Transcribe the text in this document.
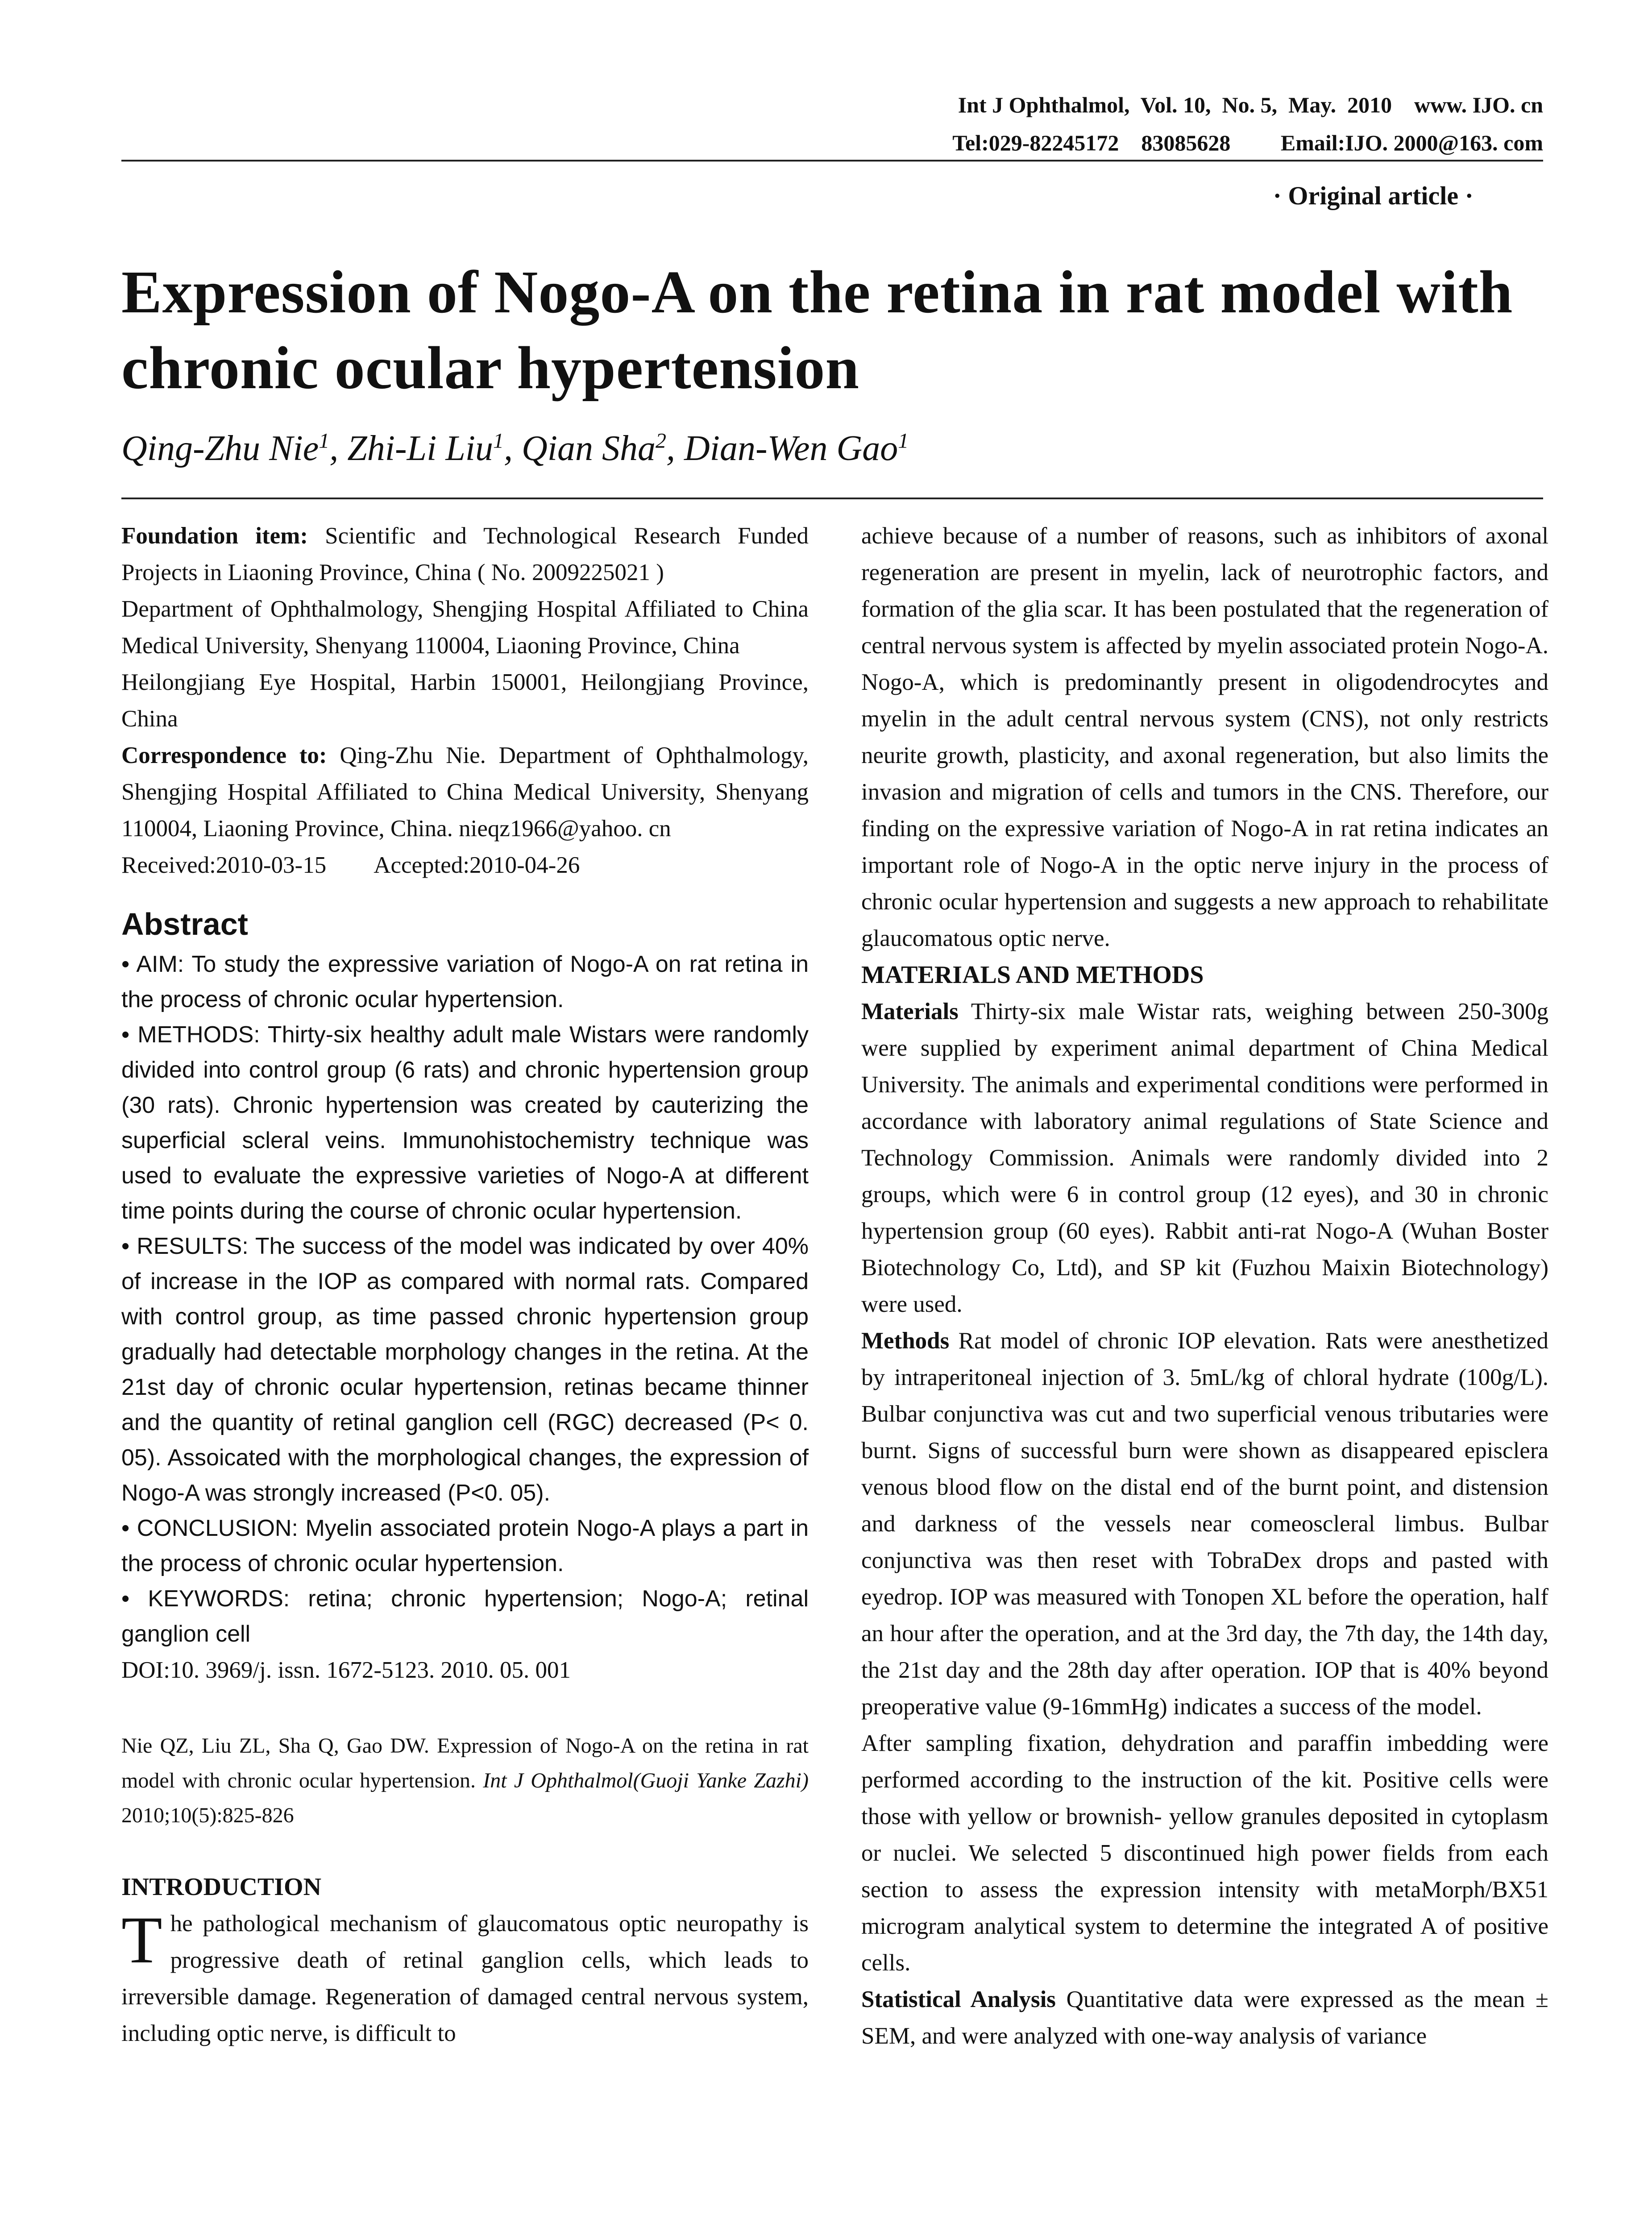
Int J Ophthalmol,  Vol. 10,  No. 5,  May.  2010    www. IJO. cn
Tel:029-82245172    83085628         Email:IJO. 2000@163. com
· Original article ·
Expression of Nogo-A on the retina in rat model with chronic ocular hypertension
Qing-Zhu Nie$^1$, Zhi-Li Liu$^1$, Qian Sha$^2$, Dian-Wen Gao$^1$

Foundation item: Scientific and Technological Research Funded Projects in Liaoning Province, China ( No. 2009225021 )

Department of Ophthalmology, Shengjing Hospital Affiliated to China Medical University, Shenyang 110004, Liaoning Province, China

Heilongjiang Eye Hospital, Harbin 150001, Heilongjiang Province, China

Correspondence to: Qing-Zhu Nie. Department of Ophthalmology, Shengjing Hospital Affiliated to China Medical University, Shenyang 110004, Liaoning Province, China. nieqz1966@yahoo. cn

Received:2010-03-15 Accepted:2010-04-26

Abstract

• AIM: To study the expressive variation of Nogo-A on rat retina in the process of chronic ocular hypertension.

• METHODS: Thirty-six healthy adult male Wistars were randomly divided into control group (6 rats) and chronic hypertension group (30 rats). Chronic hypertension was created by cauterizing the superficial scleral veins. Immunohistochemistry technique was used to evaluate the expressive varieties of Nogo-A at different time points during the course of chronic ocular hypertension.

• RESULTS: The success of the model was indicated by over 40% of increase in the IOP as compared with normal rats. Compared with control group, as time passed chronic hypertension group gradually had detectable morphology changes in the retina. At the 21st day of chronic ocular hypertension, retinas became thinner and the quantity of retinal ganglion cell (RGC) decreased (P< 0. 05). Assoicated with the morphological changes, the expression of Nogo-A was strongly increased (P<0. 05).

• CONCLUSION: Myelin associated protein Nogo-A plays a part in the process of chronic ocular hypertension.

• KEYWORDS: retina; chronic hypertension; Nogo-A; retinal ganglion cell

DOI:10. 3969/j. issn. 1672-5123. 2010. 05. 001

Nie QZ, Liu ZL, Sha Q, Gao DW. Expression of Nogo-A on the retina in rat model with chronic ocular hypertension. Int J Ophthalmol(Guoji Yanke Zazhi) 2010;10(5):825-826

INTRODUCTION

The pathological mechanism of glaucomatous optic neuropathy is progressive death of retinal ganglion cells, which leads to irreversible damage. Regeneration of damaged central nervous system, including optic nerve, is difficult to

achieve because of a number of reasons, such as inhibitors of axonal regeneration are present in myelin, lack of neurotrophic factors, and formation of the glia scar. It has been postulated that the regeneration of central nervous system is affected by myelin associated protein Nogo-A. Nogo-A, which is predominantly present in oligodendrocytes and myelin in the adult central nervous system (CNS), not only restricts neurite growth, plasticity, and axonal regeneration, but also limits the invasion and migration of cells and tumors in the CNS. Therefore, our finding on the expressive variation of Nogo-A in rat retina indicates an important role of Nogo-A in the optic nerve injury in the process of chronic ocular hypertension and suggests a new approach to rehabilitate glaucomatous optic nerve.

MATERIALS AND METHODS

Materials Thirty-six male Wistar rats, weighing between 250-300g were supplied by experiment animal department of China Medical University. The animals and experimental conditions were performed in accordance with laboratory animal regulations of State Science and Technology Commission. Animals were randomly divided into 2 groups, which were 6 in control group (12 eyes), and 30 in chronic hypertension group (60 eyes). Rabbit anti-rat Nogo-A (Wuhan Boster Biotechnology Co, Ltd), and SP kit (Fuzhou Maixin Biotechnology) were used.

Methods Rat model of chronic IOP elevation. Rats were anesthetized by intraperitoneal injection of 3. 5mL/kg of chloral hydrate (100g/L). Bulbar conjunctiva was cut and two superficial venous tributaries were burnt. Signs of successful burn were shown as disappeared episclera venous blood flow on the distal end of the burnt point, and distension and darkness of the vessels near comeoscleral limbus. Bulbar conjunctiva was then reset with TobraDex drops and pasted with eyedrop. IOP was measured with Tonopen XL before the operation, half an hour after the operation, and at the 3rd day, the 7th day, the 14th day, the 21st day and the 28th day after operation. IOP that is 40% beyond preoperative value (9-16mmHg) indicates a success of the model.

After sampling fixation, dehydration and paraffin imbedding were performed according to the instruction of the kit. Positive cells were those with yellow or brownish- yellow granules deposited in cytoplasm or nuclei. We selected 5 discontinued high power fields from each section to assess the expression intensity with metaMorph/BX51 microgram analytical system to determine the integrated A of positive cells.

Statistical Analysis Quantitative data were expressed as the mean ± SEM, and were analyzed with one-way analysis of variance
